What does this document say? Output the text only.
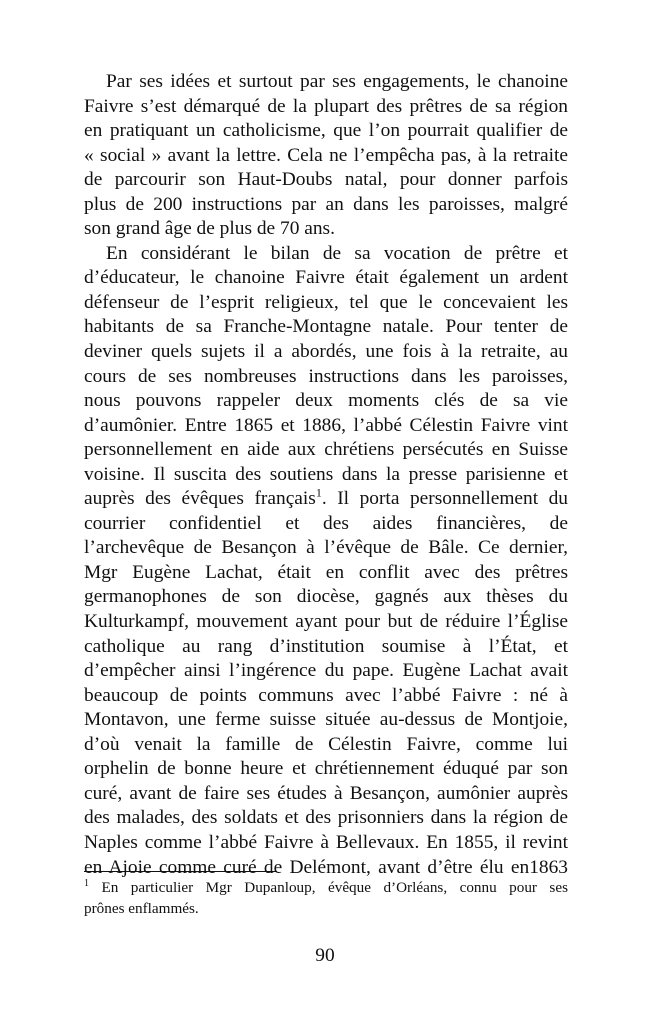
Par ses idées et surtout par ses engagements, le chanoine

Faivre s’est démarqué de la plupart des prêtres de sa région

en pratiquant un catholicisme, que l’on pourrait qualifier de

« social » avant la lettre. Cela ne l’empêcha pas, à la retraite

de parcourir son Haut-Doubs natal, pour donner parfois

plus de 200 instructions par an dans les paroisses, malgré

son grand âge de plus de 70 ans.

En considérant le bilan de sa vocation de prêtre et

d’éducateur, le chanoine Faivre était également un ardent

défenseur de l’esprit religieux, tel que le concevaient les

habitants de sa Franche-Montagne natale. Pour tenter de

deviner quels sujets il a abordés, une fois à la retraite, au

cours de ses nombreuses instructions dans les paroisses,

nous pouvons rappeler deux moments clés de sa vie

d’aumônier. Entre 1865 et 1886, l’abbé Célestin Faivre vint

personnellement en aide aux chrétiens persécutés en Suisse

voisine. Il suscita des soutiens dans la presse parisienne et

auprès des évêques français$^1$. Il porta personnellement du

courrier confidentiel et des aides financières, de

l’archevêque de Besançon à l’évêque de Bâle. Ce dernier,

Mgr Eugène Lachat, était en conflit avec des prêtres

germanophones de son diocèse, gagnés aux thèses du

Kulturkampf, mouvement ayant pour but de réduire l’Église

catholique au rang d’institution soumise à l’État, et

d’empêcher ainsi l’ingérence du pape. Eugène Lachat avait

beaucoup de points communs avec l’abbé Faivre : né à

Montavon, une ferme suisse située au-dessus de Montjoie,

d’où venait la famille de Célestin Faivre, comme lui

orphelin de bonne heure et chrétiennement éduqué par son

curé, avant de faire ses études à Besançon, aumônier auprès

des malades, des soldats et des prisonniers dans la région de

Naples comme l’abbé Faivre à Bellevaux. En 1855, il revint

en Ajoie comme curé de Delémont, avant d’être élu en1863

$^1$ En particulier Mgr Dupanloup, évêque d’Orléans, connu pour ses

prônes enflammés.

90
